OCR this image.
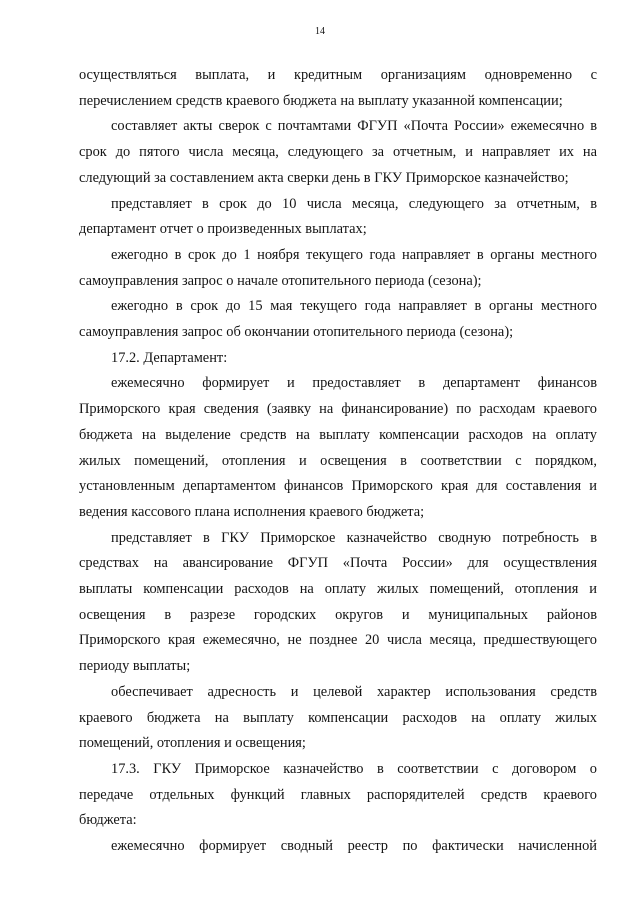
14

осуществляться выплата, и кредитным организациям одновременно с

перечислением средств краевого бюджета на выплату указанной компенсации;

составляет акты сверок с почтамтами ФГУП «Почта России» ежемесячно в

срок до пятого числа месяца, следующего за отчетным, и направляет их на

следующий за составлением акта сверки день в ГКУ Приморское казначейство;

представляет в срок до 10 числа месяца, следующего за отчетным, в

департамент отчет о произведенных выплатах;

ежегодно в срок до 1 ноября текущего года направляет в органы местного

самоуправления запрос о начале отопительного периода (сезона);

ежегодно в срок до 15 мая текущего года направляет в органы местного

самоуправления запрос об окончании отопительного периода (сезона);

17.2. Департамент:

ежемесячно формирует и предоставляет в департамент финансов

Приморского края сведения (заявку на финансирование) по расходам краевого

бюджета на выделение средств на выплату компенсации расходов на оплату

жилых помещений, отопления и освещения в соответствии с порядком,

установленным департаментом финансов Приморского края для составления и

ведения кассового плана исполнения краевого бюджета;

представляет в ГКУ Приморское казначейство сводную потребность в

средствах на авансирование ФГУП «Почта России» для осуществления

выплаты компенсации расходов на оплату жилых помещений, отопления и

освещения в разрезе городских округов и муниципальных районов

Приморского края ежемесячно, не позднее 20 числа месяца, предшествующего

периоду выплаты;

обеспечивает адресность и целевой характер использования средств

краевого бюджета на выплату компенсации расходов на оплату жилых

помещений, отопления и освещения;

17.3. ГКУ Приморское казначейство в соответствии с договором о

передаче отдельных функций главных распорядителей средств краевого

бюджета:

ежемесячно формирует сводный реестр по фактически начисленной
